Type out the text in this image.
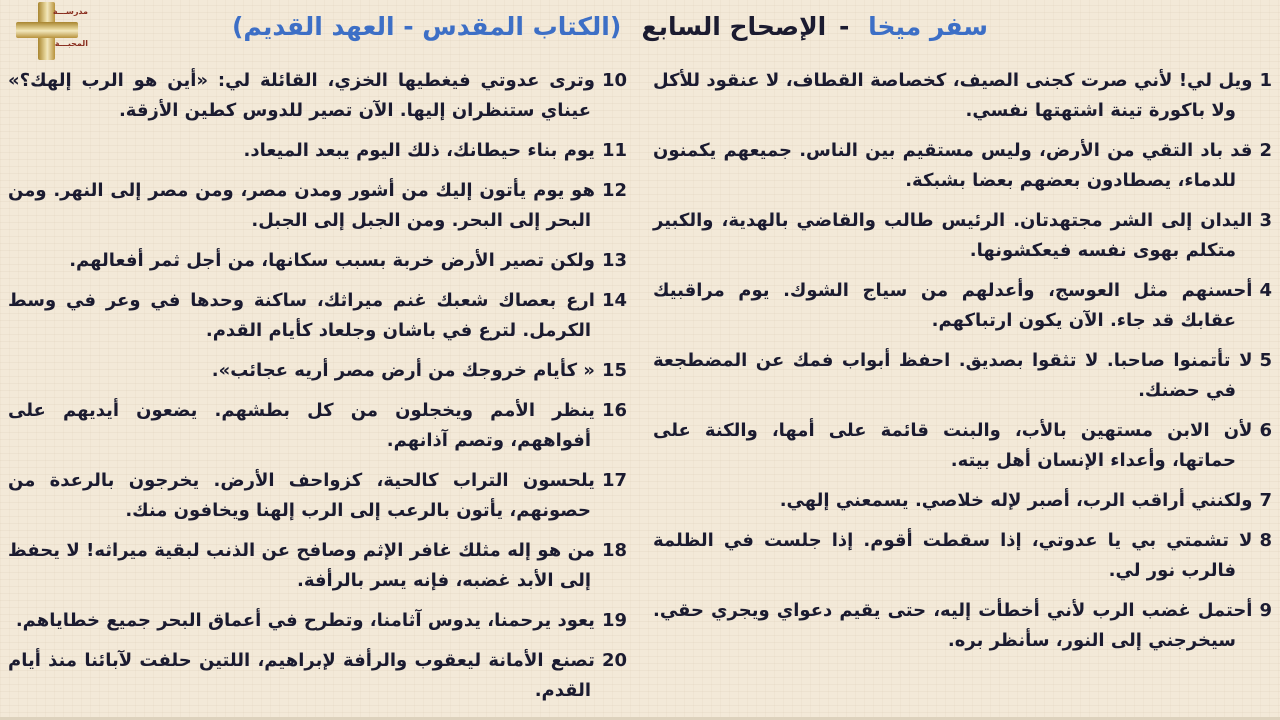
مدرســـة
المحبـــة
سفر ميخا - الإصحاح السابع
(الكتاب المقدس - العهد القديم)

1ويل لي! لأني صرت كجنى الصيف، كخصاصة القطاف، لا عنقود للأكل ولا باكورة تينة اشتهتها نفسي.

2قد باد التقي من الأرض، وليس مستقيم بين الناس. جميعهم يكمنون للدماء، يصطادون بعضهم بعضا بشبكة.

3اليدان إلى الشر مجتهدتان. الرئيس طالب والقاضي بالهدية، والكبير متكلم بهوى نفسه فيعكشونها.

4أحسنهم مثل العوسج، وأعدلهم من سياج الشوك. يوم مراقبيك عقابك قد جاء. الآن يكون ارتباكهم.

5لا تأتمنوا صاحبا. لا تثقوا بصديق. احفظ أبواب فمك عن المضطجعة في حضنك.

6لأن الابن مستهين بالأب، والبنت قائمة على أمها، والكنة على حماتها، وأعداء الإنسان أهل بيته.

7ولكنني أراقب الرب، أصبر لإله خلاصي. يسمعني إلهي.

8لا تشمتي بي يا عدوتي، إذا سقطت أقوم. إذا جلست في الظلمة فالرب نور لي.

9أحتمل غضب الرب لأني أخطأت إليه، حتى يقيم دعواي ويجري حقي. سيخرجني إلى النور، سأنظر بره.

10وترى عدوتي فيغطيها الخزي، القائلة لي: «أين هو الرب إلهك؟» عيناي ستنظران إليها. الآن تصير للدوس كطين الأزقة.

11يوم بناء حيطانك، ذلك اليوم يبعد الميعاد.

12هو يوم يأتون إليك من أشور ومدن مصر، ومن مصر إلى النهر. ومن البحر إلى البحر. ومن الجبل إلى الجبل.

13ولكن تصير الأرض خربة بسبب سكانها، من أجل ثمر أفعالهم.

14ارع بعصاك شعبك غنم ميراثك، ساكنة وحدها في وعر في وسط الكرمل. لترع في باشان وجلعاد كأيام القدم.

15« كأيام خروجك من أرض مصر أريه عجائب».

16ينظر الأمم ويخجلون من كل بطشهم. يضعون أيديهم على أفواههم، وتصم آذانهم.

17يلحسون التراب كالحية، كزواحف الأرض. يخرجون بالرعدة من حصونهم، يأتون بالرعب إلى الرب إلهنا ويخافون منك.

18من هو إله مثلك غافر الإثم وصافح عن الذنب لبقية ميراثه! لا يحفظ إلى الأبد غضبه، فإنه يسر بالرأفة.

19يعود يرحمنا، يدوس آثامنا، وتطرح في أعماق البحر جميع خطاياهم.

20تصنع الأمانة ليعقوب والرأفة لإبراهيم، اللتين حلفت لآبائنا منذ أيام القدم.
